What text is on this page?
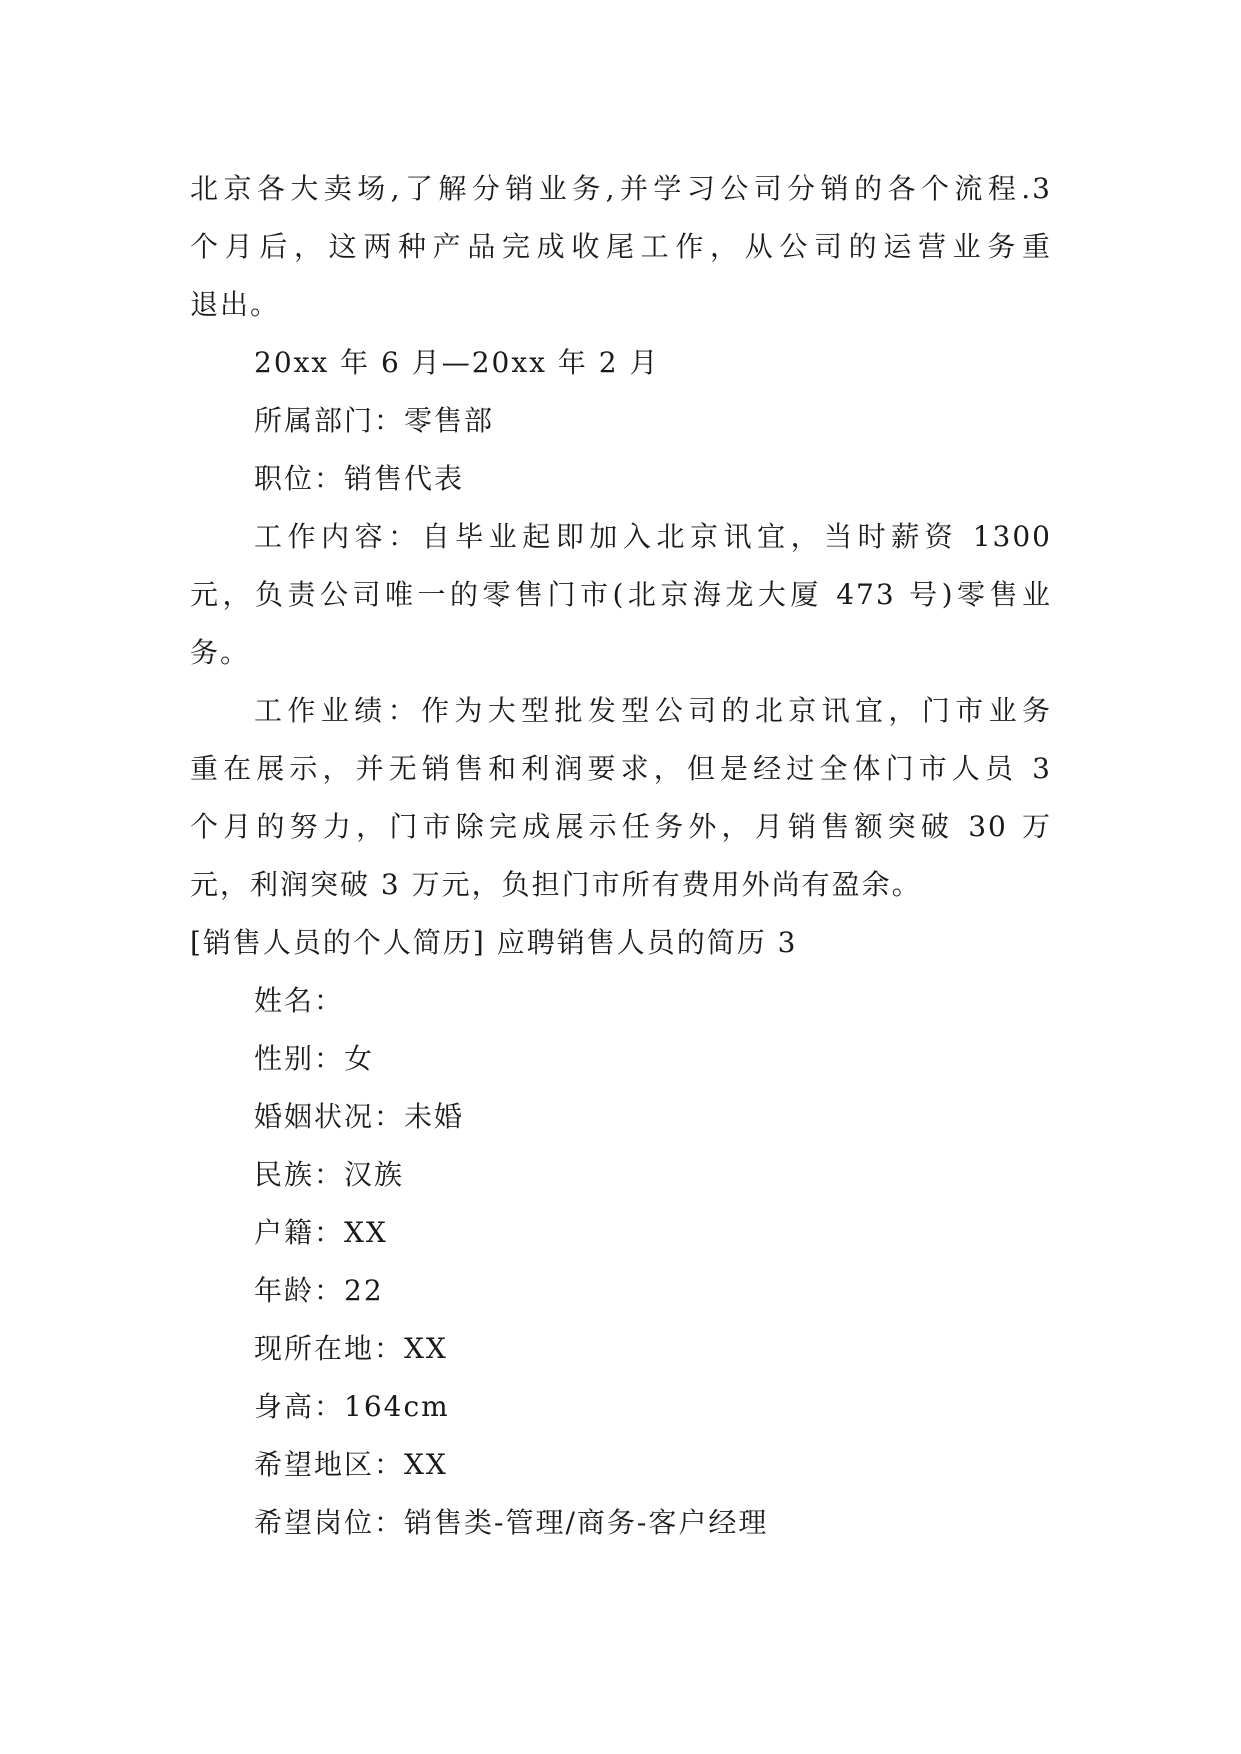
北京各大卖场,了解分销业务,并学习公司分销的各个流程.3
个月后，这两种产品完成收尾工作，从公司的运营业务重
退出。
20xx 年 6 月—20xx 年 2 月
所属部门：零售部
职位：销售代表
工作内容：自毕业起即加入北京讯宜，当时薪资 1300
元，负责公司唯一的零售门市(北京海龙大厦 473 号)零售业
务。
工作业绩：作为大型批发型公司的北京讯宜，门市业务
重在展示，并无销售和利润要求，但是经过全体门市人员 3
个月的努力，门市除完成展示任务外，月销售额突破 30 万
元，利润突破 3 万元，负担门市所有费用外尚有盈余。
[销售人员的个人简历] 应聘销售人员的简历 3
姓名：
性别：女
婚姻状况：未婚
民族：汉族
户籍：XX
年龄：22
现所在地：XX
身高：164cm
希望地区：XX
希望岗位：销售类-管理/商务-客户经理
